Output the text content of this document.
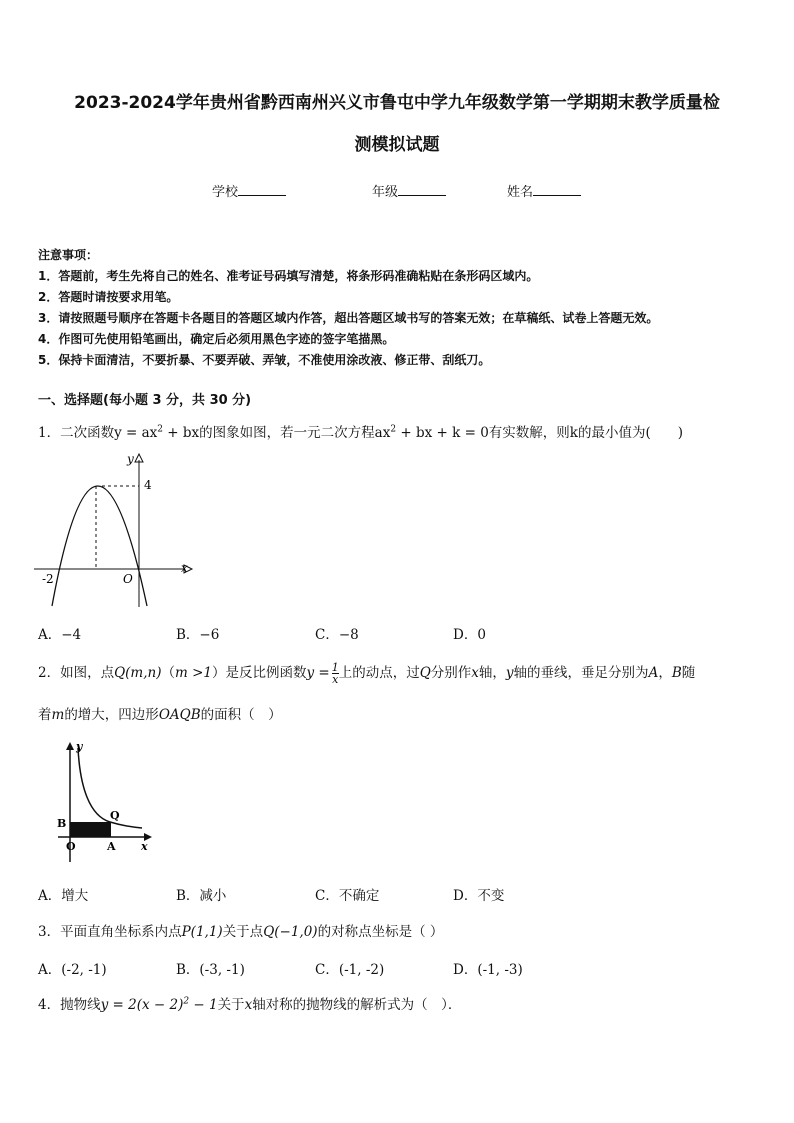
2023-2024学年贵州省黔西南州兴义市鲁屯中学九年级数学第一学期期末教学质量检
测模拟试题
学校	年级	姓名
注意事项：
1．答题前，考生先将自己的姓名、准考证号码填写清楚，将条形码准确粘贴在条形码区域内。
2．答题时请按要求用笔。
3．请按照题号顺序在答题卡各题目的答题区域内作答，超出答题区域书写的答案无效；在草稿纸、试卷上答题无效。
4．作图可先使用铅笔画出，确定后必须用黑色字迹的签字笔描黑。
5．保持卡面清洁，不要折暴、不要弄破、弄皱，不准使用涂改液、修正带、刮纸刀。
一、选择题(每小题 3 分，共 30 分)
1．二次函数$y = ax^2$ + bx的图象如图，若一元二次方程$ax^2$ + bx + k = 0有实数解，则k的最小值为(　　)
y
x
4
-2	O
A．−4	B．−6	C．−8	D．0
2．如图，点Q(m,n)（m >1）是反比例函数$y = \frac{1}{x}$ 上的动点，过Q分别作x轴，y轴的垂线，垂足分别为A，B随
着m的增大，四边形OAQB的面积（　）
y
x
B
Q
O	A
A．增大	B．减小	C．不确定	D．不变
3．平面直角坐标系内点P(1,1)关于点Q(−1,0)的对称点坐标是（ ）
A．(-2, -1)	B．(-3, -1)	C．(-1, -2)	D．(-1, -3)
4．抛物线$y = 2(x - 2)^2 - 1$关于x轴对称的抛物线的解析式为（　）．
